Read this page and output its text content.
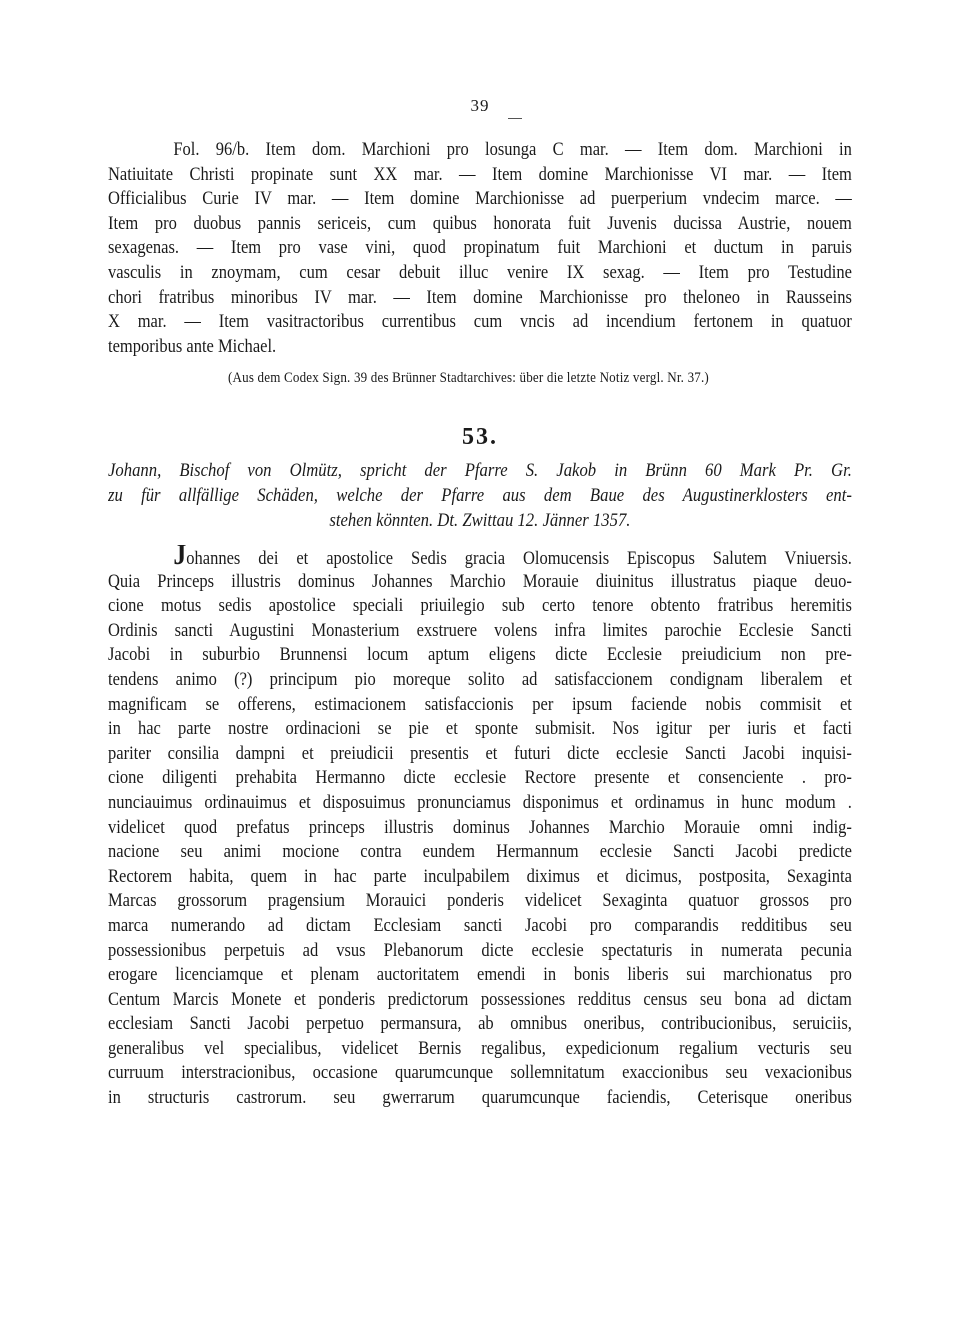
39
Fol. 96/b. Item dom. Marchioni pro losunga C mar. — Item dom. Marchioni in
Natiuitate Christi propinate sunt XX mar. — Item domine Marchionisse VI mar. — Item
Officialibus Curie IV mar. — Item domine Marchionisse ad puerperium vndecim marce. —
Item pro duobus pannis sericeis, cum quibus honorata fuit Juvenis ducissa Austrie, nouem
sexagenas. — Item pro vase vini, quod propinatum fuit Marchioni et ductum in paruis
vasculis in znoymam, cum cesar debuit illuc venire IX sexag. — Item pro Testudine
chori fratribus minoribus IV mar. — Item domine Marchionisse pro theloneo in Rausseins
X mar. — Item vasitractoribus currentibus cum vncis ad incendium fertonem in quatuor
temporibus ante Michael.
(Aus dem Codex Sign. 39 des Brünner Stadtarchives: über die letzte Notiz vergl. Nr. 37.)
53.
Johann, Bischof von Olmütz, spricht der Pfarre S. Jakob in Brünn 60 Mark Pr. Gr.
zu für allfällige Schäden, welche der Pfarre aus dem Baue des Augustinerklosters ent-
stehen könnten. Dt. Zwittau 12. Jänner 1357.
Johannes dei et apostolice Sedis gracia Olomucensis Episcopus Salutem Vniuersis.
Quia Princeps illustris dominus Johannes Marchio Morauie diuinitus illustratus piaque deuo-
cione motus sedis apostolice speciali priuilegio sub certo tenore obtento fratribus heremitis
Ordinis sancti Augustini Monasterium exstruere volens infra limites parochie Ecclesie Sancti
Jacobi in suburbio Brunnensi locum aptum eligens dicte Ecclesie preiudicium non pre-
tendens animo (?) principum pio moreque solito ad satisfaccionem condignam liberalem et
magnificam se offerens, estimacionem satisfaccionis per ipsum faciende nobis commisit et
in hac parte nostre ordinacioni se pie et sponte submisit. Nos igitur per iuris et facti
pariter consilia dampni et preiudicii presentis et futuri dicte ecclesie Sancti Jacobi inquisi-
cione diligenti prehabita Hermanno dicte ecclesie Rectore presente et consenciente . pro-
nunciauimus ordinauimus et disposuimus pronunciamus disponimus et ordinamus in hunc modum .
videlicet quod prefatus princeps illustris dominus Johannes Marchio Morauie omni indig-
nacione seu animi mocione contra eundem Hermannum ecclesie Sancti Jacobi predicte
Rectorem habita, quem in hac parte inculpabilem diximus et dicimus, postposita, Sexaginta
Marcas grossorum pragensium Morauici ponderis videlicet Sexaginta quatuor grossos pro
marca numerando ad dictam Ecclesiam sancti Jacobi pro comparandis redditibus seu
possessionibus perpetuis ad vsus Plebanorum dicte ecclesie spectaturis in numerata pecunia
erogare licenciamque et plenam auctoritatem emendi in bonis liberis sui marchionatus pro
Centum Marcis Monete et ponderis predictorum possessiones redditus census seu bona ad dictam
ecclesiam Sancti Jacobi perpetuo permansura, ab omnibus oneribus, contribucionibus, seruiciis,
generalibus vel specialibus, videlicet Bernis regalibus, expedicionum regalium vecturis seu
curruum interstracionibus, occasione quarumcunque sollemnitatum exaccionibus seu vexacionibus
in structuris castrorum. seu gwerrarum quarumcunque faciendis, Ceterisque oneribus
